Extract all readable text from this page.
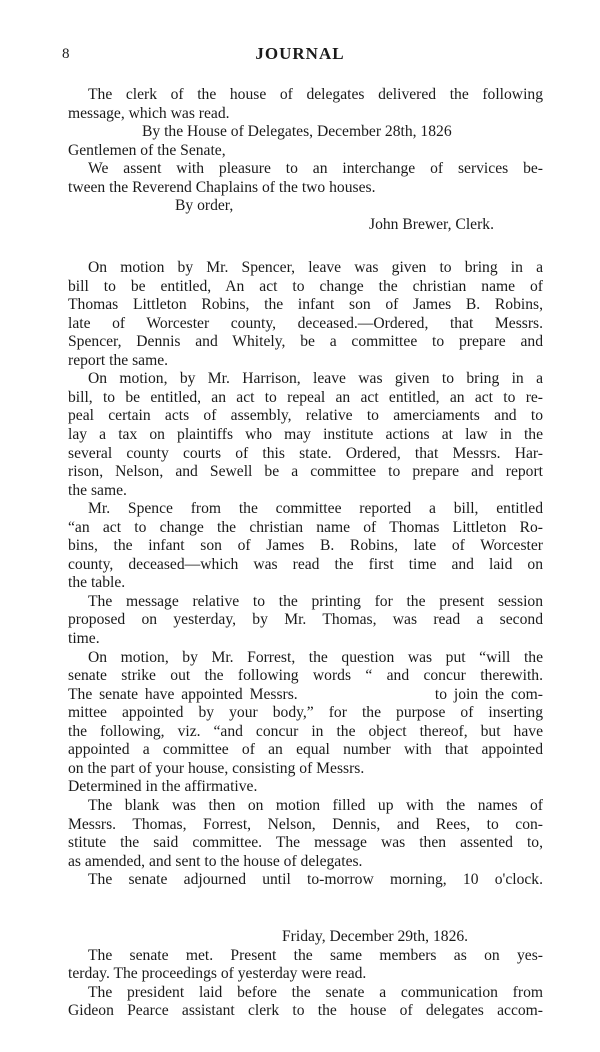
8	JOURNAL
The clerk of the house of delegates delivered the following
message, which was read.
By the House of Delegates, December 28th, 1826
Gentlemen of the Senate,
We assent with pleasure to an interchange of services be-
tween the Reverend Chaplains of the two houses.
By order,
John Brewer, Clerk.
On motion by Mr. Spencer, leave was given to bring in a
bill to be entitled, An act to change the christian name of
Thomas Littleton Robins, the infant son of James B. Robins,
late of Worcester county, deceased.—Ordered, that Messrs.
Spencer, Dennis and Whitely, be a committee to prepare and
report the same.
On motion, by Mr. Harrison, leave was given to bring in a
bill, to be entitled, an act to repeal an act entitled, an act to re-
peal certain acts of assembly, relative to amerciaments and to
lay a tax on plaintiffs who may institute actions at law in the
several county courts of this state. Ordered, that Messrs. Har-
rison, Nelson, and Sewell be a committee to prepare and report
the same.
Mr. Spence from the committee reported a bill, entitled
“an act to change the christian name of Thomas Littleton Ro-
bins, the infant son of James B. Robins, late of Worcester
county, deceased—which was read the first time and laid on
the table.
The message relative to the printing for the present session
proposed on yesterday, by Mr. Thomas, was read a second
time.
On motion, by Mr. Forrest, the question was put “will the
senate strike out the following words “ and concur therewith.
The senate have appointed Messrs.                    to join the com-
mittee appointed by your body,” for the purpose of inserting
the following, viz. “and concur in the object thereof, but have
appointed a committee of an equal number with that appointed
on the part of your house, consisting of Messrs.
Determined in the affirmative.
The blank was then on motion filled up with the names of
Messrs. Thomas, Forrest, Nelson, Dennis, and Rees, to con-
stitute the said committee. The message was then assented to,
as amended, and sent to the house of delegates.
The senate adjourned until to-morrow morning, 10 o'clock.
Friday, December 29th, 1826.
The senate met. Present the same members as on yes-
terday. The proceedings of yesterday were read.
The president laid before the senate a communication from
Gideon Pearce assistant clerk to the house of delegates accom-
